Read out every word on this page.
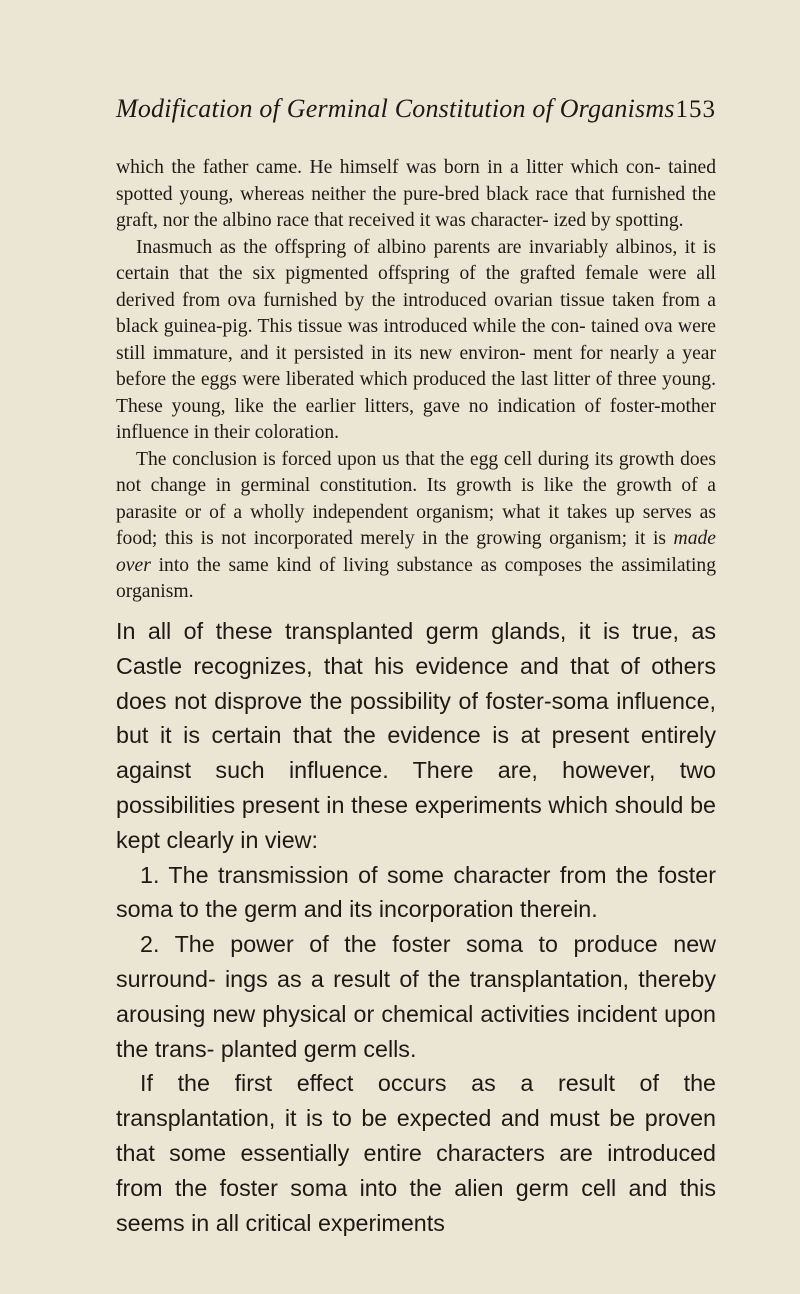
Modification of Germinal Constitution of Organisms 153

which the father came. He himself was born in a litter which con- tained spotted young, whereas neither the pure-bred black race that furnished the graft, nor the albino race that received it was character- ized by spotting.

Inasmuch as the offspring of albino parents are invariably albinos, it is certain that the six pigmented offspring of the grafted female were all derived from ova furnished by the introduced ovarian tissue taken from a black guinea-pig. This tissue was introduced while the con- tained ova were still immature, and it persisted in its new environ- ment for nearly a year before the eggs were liberated which produced the last litter of three young. These young, like the earlier litters, gave no indication of foster-mother influence in their coloration.

The conclusion is forced upon us that the egg cell during its growth does not change in germinal constitution. Its growth is like the growth of a parasite or of a wholly independent organism; what it takes up serves as food; this is not incorporated merely in the growing organism; it is made over into the same kind of living substance as composes the assimilating organism.

In all of these transplanted germ glands, it is true, as Castle recognizes, that his evidence and that of others does not disprove the possibility of foster-soma influence, but it is certain that the evidence is at present entirely against such influence. There are, however, two possibilities present in these experiments which should be kept clearly in view:

1. The transmission of some character from the foster soma to the germ and its incorporation therein.

2. The power of the foster soma to produce new surround- ings as a result of the transplantation, thereby arousing new physical or chemical activities incident upon the trans- planted germ cells.

If the first effect occurs as a result of the transplantation, it is to be expected and must be proven that some essentially entire characters are introduced from the foster soma into the alien germ cell and this seems in all critical experiments
